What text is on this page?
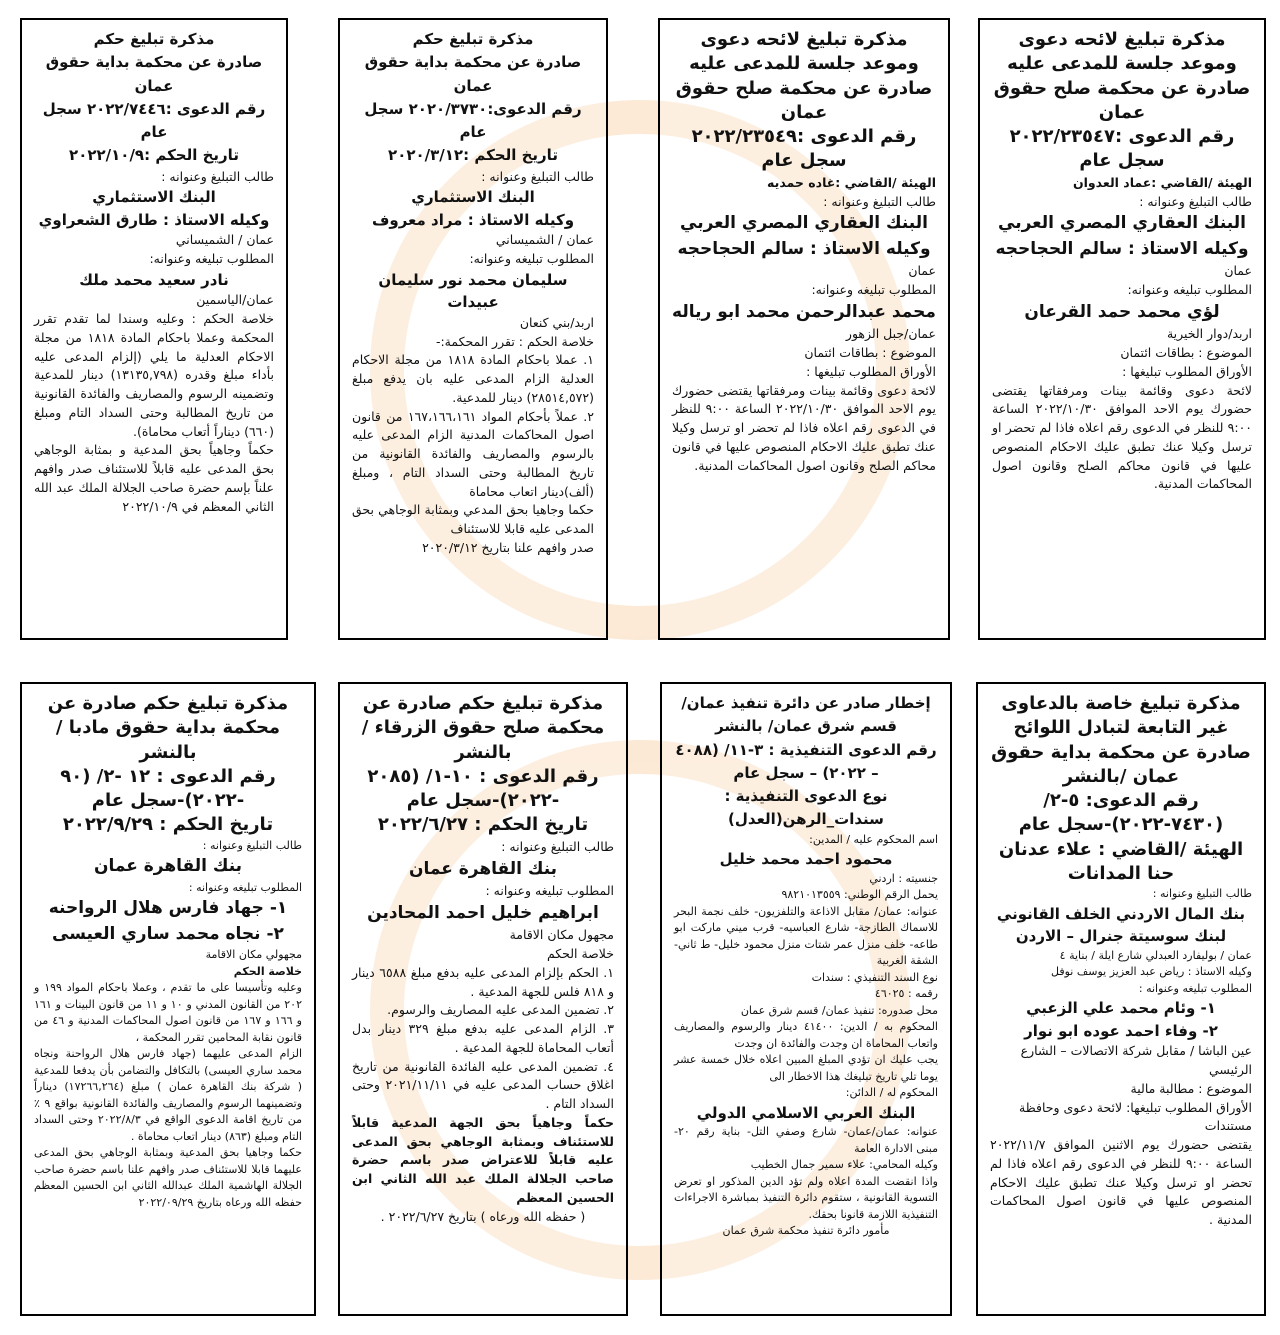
مذكرة تبليغ حكم
صادرة عن محكمة بداية حقوق عمان
رقم الدعوى :٢٠٢٢/٧٤٤٦ سجل عام
تاريخ الحكم :٢٠٢٢/١٠/٩
طالب التبليغ وعنوانه :
البنك الاستثماري
وكيله الاستاذ : طارق الشعراوي
عمان / الشميساني
المطلوب تبليغه وعنوانه:
نادر سعيد محمد ملك
عمان/الياسمين
خلاصة الحكم : وعليه وسندا لما تقدم تقرر المحكمة وعملا باحكام المادة ١٨١٨ من مجلة الاحكام العدلية ما يلي (إلزام المدعى عليه بأداء مبلغ وقدره (١٣١٣٥,٧٩٨) دينار للمدعية وتضمينه الرسوم والمصاريف والفائدة القانونية من تاريخ المطالبة وحتى السداد التام ومبلغ (٦٦٠) ديناراً أتعاب محاماة).
حكماً وجاهياً بحق المدعية و بمثابة الوجاهي بحق المدعى عليه قابلاً للاستئناف صدر وافهم علناً بإسم حضرة صاحب الجلالة الملك عبد الله الثاني المعظم في ٢٠٢٢/١٠/٩
مذكرة تبليغ حكم
صادرة عن محكمة بداية حقوق عمان
رقم الدعوى:٢٠٢٠/٣٧٣٠ سجل عام
تاريخ الحكم :٢٠٢٠/٣/١٢
طالب التبليغ وعنوانه :
البنك الاستثماري
وكيله الاستاذ : مراد معروف
عمان / الشميساني
المطلوب تبليغه وعنوانه:
سليمان محمد نور سليمان عبيدات
اربد/بني كنعان
خلاصة الحكم : تقرر المحكمة:-
١. عملا باحكام المادة ١٨١٨ من مجلة الاحكام العدلية الزام المدعى عليه بان يدفع مبلغ (٢٨٥١٤,٥٧٢) دينار للمدعية.
٢. عملاً بأحكام المواد ١٦٧،١٦٦،١٦١ من قانون اصول المحاكمات المدنية الزام المدعى عليه بالرسوم والمصاريف والفائدة القانونية من تاريخ المطالبة وحتى السداد التام ، ومبلغ (ألف)دينار اتعاب محاماة
حكما وجاهيا بحق المدعي وبمثابة الوجاهي بحق المدعى عليه قابلا للاستئناف
صدر وافهم علنا بتاريخ ٢٠٢٠/٣/١٢
مذكرة تبليغ لائحه دعوى وموعد جلسة للمدعى عليه صادرة عن محكمة صلح حقوق عمان
رقم الدعوى :٢٠٢٢/٢٣٥٤٩ سجل عام
الهيئة /القاضي :غاده حمديه
طالب التبليغ وعنوانه :
البنك العقاري المصري العربي
وكيله الاستاذ : سالم الحجاحجه
عمان
المطلوب تبليغه وعنوانه:
محمد عبدالرحمن محمد ابو رياله
عمان/جبل الزهور
الموضوع : بطاقات ائتمان
الأوراق المطلوب تبليغها :
لائحة دعوى وقائمة بينات ومرفقاتها يقتضى حضورك يوم الاحد الموافق ٢٠٢٢/١٠/٣٠ الساعة ٩:٠٠ للنظر في الدعوى رقم اعلاه فاذا لم تحضر او ترسل وكيلا عنك تطبق عليك الاحكام المنصوص عليها في قانون محاكم الصلح وقانون اصول المحاكمات المدنية.
مذكرة تبليغ لائحه دعوى وموعد جلسة للمدعى عليه صادرة عن محكمة صلح حقوق عمان
رقم الدعوى :٢٠٢٢/٢٣٥٤٧ سجل عام
الهيئة /القاضي :عماد العدوان
طالب التبليغ وعنوانه :
البنك العقاري المصري العربي
وكيله الاستاذ : سالم الحجاحجه
عمان
المطلوب تبليغه وعنوانه:
لؤي محمد حمد القرعان
اربد/دوار الخيرية
الموضوع : بطاقات ائتمان
الأوراق المطلوب تبليغها :
لائحة دعوى وقائمة بينات ومرفقاتها يقتضى حضورك يوم الاحد الموافق ٢٠٢٢/١٠/٣٠ الساعة ٩:٠٠ للنظر في الدعوى رقم اعلاه فاذا لم تحضر او ترسل وكيلا عنك تطبق عليك الاحكام المنصوص عليها في قانون محاكم الصلح وقانون اصول المحاكمات المدنية.
مذكرة تبليغ حكم صادرة عن محكمة بداية حقوق مادبا / بالنشر
رقم الدعوى : ١٢ -٢/ (٩٠ -٢٠٢٢)-سجل عام
تاريخ الحكم : ٢٠٢٢/٩/٢٩
طالب التبليغ وعنوانه :
بنك القاهرة عمان
المطلوب تبليغه وعنوانه :
١- جهاد فارس هلال الرواحنه
٢- نجاه محمد ساري العيسى
مجهولي مكان الاقامة
خلاصة الحكم
وعليه وتأسيسا على ما تقدم ، وعملا باحكام المواد ١٩٩ و ٢٠٢ من القانون المدني و ١٠ و ١١ من قانون البينات و ١٦١ و ١٦٦ و ١٦٧ من قانون اصول المحاكمات المدنية و ٤٦ من قانون نقابة المحامين تقرر المحكمة ،
الزام المدعى عليهما (جهاد فارس هلال الرواحنة ونجاه محمد ساري العيسى) بالتكافل والتضامن بأن يدفعا للمدعية ( شركة بنك القاهرة عمان ) مبلغ (١٧٢٦٦,٢٦٤) ديناراً وتضمينهما الرسوم والمصاريف والفائدة القانونية بواقع ٩ ٪ من تاريخ اقامة الدعوى الواقع في ٢٠٢٢/٨/٣ وحتى السداد التام ومبلغ (٨٦٣) دينار اتعاب محاماة .
حكما وجاهيا بحق المدعية وبمثابة الوجاهي بحق المدعى عليهما قابلا للاستئناف صدر وافهم علنا باسم حضرة صاحب الجلالة الهاشمية الملك عبدالله الثاني ابن الحسين المعظم حفظه الله ورعاه بتاريخ ٢٠٢٢/٠٩/٢٩
مذكرة تبليغ حكم صادرة عن محكمة صلح حقوق الزرقاء / بالنشر
رقم الدعوى : ١٠-١/ (٢٠٨٥ -٢٠٢٢)-سجل عام
تاريخ الحكم : ٢٠٢٢/٦/٢٧
طالب التبليغ وعنوانه :
بنك القاهرة عمان
المطلوب تبليغه وعنوانه :
ابراهيم خليل احمد المحادين
مجهول مكان الاقامة
خلاصة الحكم
١. الحكم بإلزام المدعى عليه بدفع مبلغ ٦٥٨٨ دينار و ٨١٨ فلس للجهة المدعية .
٢. تضمين المدعى عليه المصاريف والرسوم.
٣. الزام المدعى عليه بدفع مبلغ ٣٢٩ دينار بدل أتعاب المحاماة للجهة المدعية .
٤. تضمين المدعى عليه الفائدة القانونية من تاريخ اغلاق حساب المدعى عليه في ٢٠٢١/١١/١١ وحتى السداد التام .
حكماً وجاهياً بحق الجهة المدعية قابلاً للاستئناف وبمثابة الوجاهي بحق المدعى عليه قابلاً للاعتراض صدر باسم حضرة صاحب الجلالة الملك عبد الله الثاني ابن الحسين المعظم
( حفظه الله ورعاه ) بتاريخ ٢٠٢٢/٦/٢٧ .
إخطار صادر عن دائرة تنفيذ عمان/ قسم شرق عمان/ بالنشر
رقم الدعوى التنفيذية : ٣-١١/ (٤٠٨٨ – ٢٠٢٢) – سجل عام
نوع الدعوى التنفيذية : سندات_الرهن(العدل)
اسم المحكوم عليه / المدين:
محمود احمد محمد خليل
جنسيته : اردني
يحمل الرقم الوطني: ٩٨٢١٠١٣٥٥٩
عنوانه: عمان/ مقابل الاذاعة والتلفزيون- خلف نجمة البحر للاسماك الطازجة- شارع العباسيه- قرب ميني ماركت ابو طاعه- خلف منزل عمر شتات منزل محمود خليل- ط ثاني- الشقة الغربية
نوع السند التنفيذي : سندات
رقمه : ٤٦٠٢٥
محل صدوره: تنفيذ عمان/ قسم شرق عمان
المحكوم به / الدين: ٤١٤٠٠ دينار والرسوم والمصاريف واتعاب المحاماة ان وجدت والفائدة ان وجدت
يجب عليك ان تؤدي المبلغ المبين اعلاه خلال خمسة عشر يوما تلي تاريخ تبليغك هذا الاخطار الى
المحكوم له / الدائن:
البنك العربي الاسلامي الدولي
عنوانه: عمان/عمان- شارع وصفي التل- بناية رقم ٢٠- مبنى الادارة العامة
وكيله المحامي: علاء سمير جمال الخطيب
واذا انقضت المدة اعلاه ولم تؤد الدين المذكور او تعرض التسوية القانونية ، ستقوم دائرة التنفيذ بمباشرة الاجراءات التنفيذية اللازمة قانونا بحقك.
مأمور دائرة تنفيذ محكمة شرق عمان
مذكرة تبليغ خاصة بالدعاوى غير التابعة لتبادل اللوائح صادرة عن محكمة بداية حقوق عمان /بالنشر
رقم الدعوى: ٥-٢/ (٧٤٣٠-٢٠٢٢)-سجل عام
الهيئة /القاضي : علاء عدنان حنا المدانات
طالب التبليغ وعنوانه :
بنك المال الاردني الخلف القانوني لبنك سوسيتة جنرال – الاردن
عمان / بوليفارد العبدلي شارع ايلة / بناية ٤
وكيله الاستاذ : رياض عبد العزيز يوسف نوفل
المطلوب تبليغه وعنوانه :
١- وئام محمد علي الزعبي
٢- وفاء احمد عوده ابو نوار
عين الباشا / مقابل شركة الاتصالات – الشارع الرئيسي
الموضوع : مطالبة مالية
الأوراق المطلوب تبليغها: لائحة دعوى وحافظة مستندات
يقتضى حضورك يوم الاثنين الموافق ٢٠٢٢/١١/٧ الساعة ٩:٠٠ للنظر في الدعوى رقم اعلاه فاذا لم تحضر او ترسل وكيلا عنك تطبق عليك الاحكام المنصوص عليها في قانون اصول المحاكمات المدنية .
